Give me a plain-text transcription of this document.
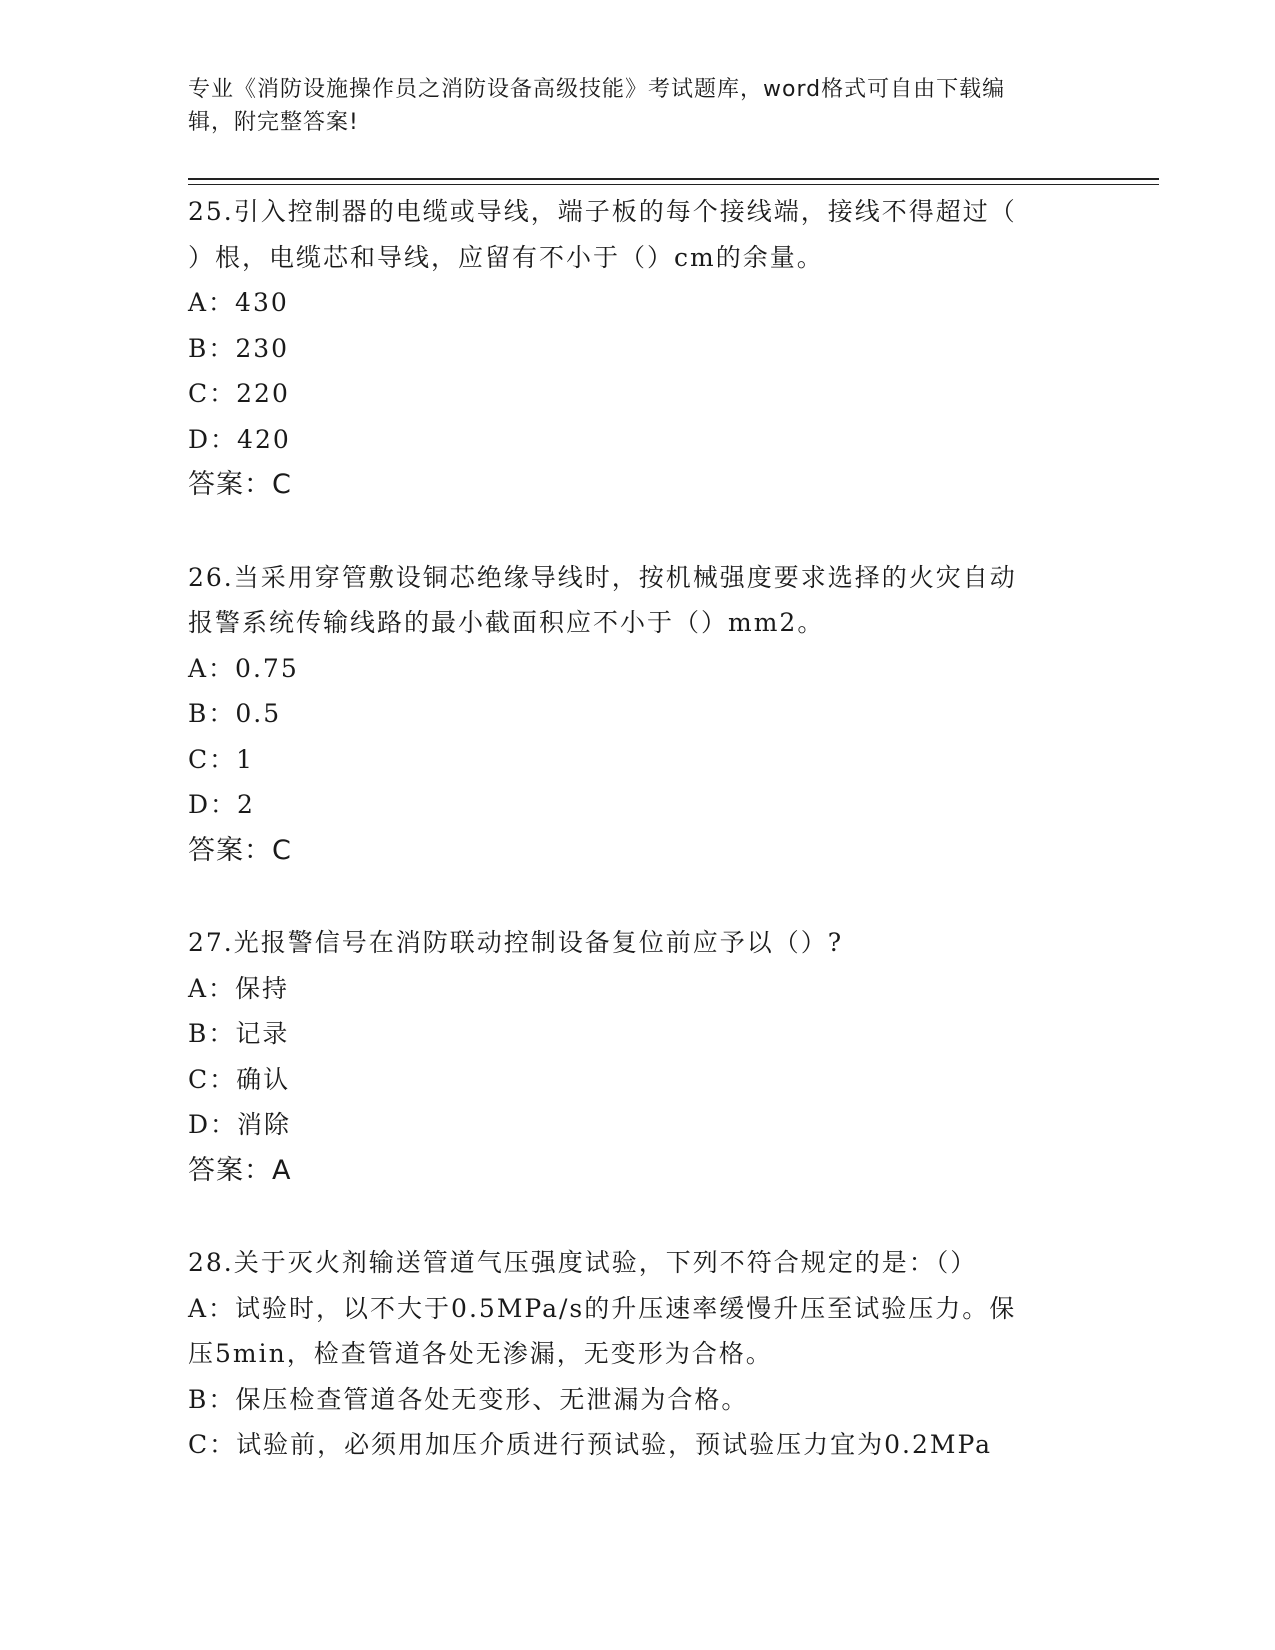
专业《消防设施操作员之消防设备高级技能》考试题库，word格式可自由下载编
辑，附完整答案!
25.引入控制器的电缆或导线，端子板的每个接线端，接线不得超过（
）根，电缆芯和导线，应留有不小于（）cm的余量。
A：430
B：230
C：220
D：420
答案：C
26.当采用穿管敷设铜芯绝缘导线时，按机械强度要求选择的火灾自动
报警系统传输线路的最小截面积应不小于（）mm2。
A：0.75
B：0.5
C：1
D：2
答案：C
27.光报警信号在消防联动控制设备复位前应予以（）?
A：保持
B：记录
C：确认
D：消除
答案：A
28.关于灭火剂输送管道气压强度试验，下列不符合规定的是：（）
A：试验时，以不大于0.5MPa/s的升压速率缓慢升压至试验压力。保
压5min，检查管道各处无渗漏，无变形为合格。
B：保压检查管道各处无变形、无泄漏为合格。
C：试验前，必须用加压介质进行预试验，预试验压力宜为0.2MPa
